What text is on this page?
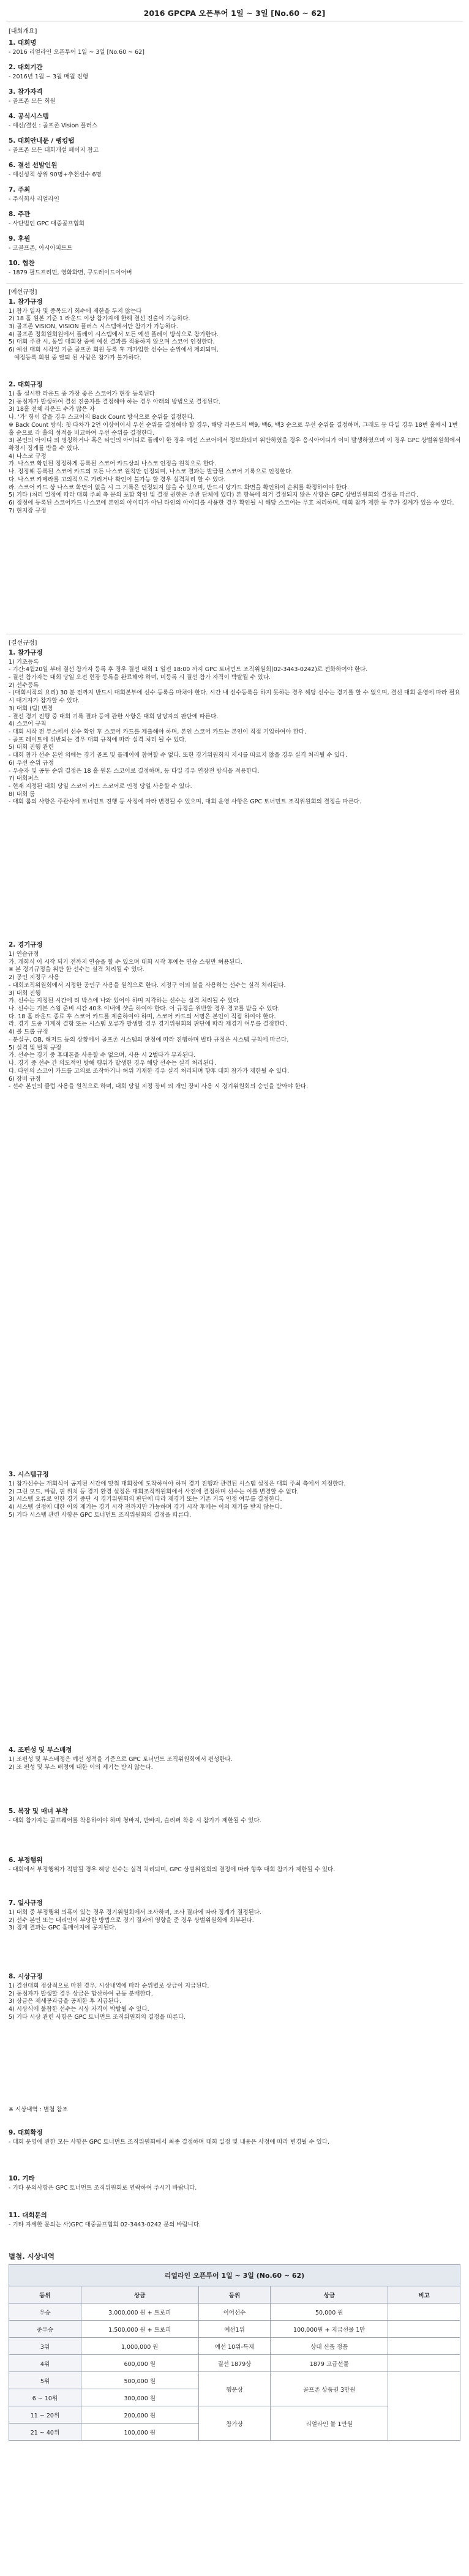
2016 GPCPA 오픈투어 1일 ~ 3일 [No.60 ~ 62]
[대회개요]
1. 대회명
- 2016 리얼라인 오픈투어 1일 ~ 3일 [No.60 ~ 62]
2. 대회기간
- 2016년 1월 ~ 3월 매월 진행
3. 참가자격
- 골프존 모든 회원
4. 공식시스템
- 예선/결선 : 골프존 Vision 플러스
5. 대회안내문 / 랭킹탭
- 골프존 모든 대회개설 페이지 참고
6. 결선 선발인원
- 예선성적 상위 90명+추천선수 6명
7. 주최
- 주식회사 리얼라인
8. 주관
- 사단법인 GPC 대중골프협회
9. 후원
- 코골프존, 아시아피트트
10. 협찬
- 1879 필드프리먼, 영화화면, 쿠도레이드이어버
[예선규정]
1. 참가규정
1) 참가 일자 및 종목도기 회수에 제한을 두지 않는다
2) 18 홀 원본 기준 1 라운드 이상 참가자에 한해 결선 진출이 가능하다.
3) 골프존 VISION, VISION 플러스 시스템에서만 참가가 가능하다.
4) 골프존 정회원회원에서 플레이 시스템에서 모든 예선 플레이 방식으로 참가한다.
5) 대회 주관 시, 동일 대회장 중에 예선 결과를 적용하지 않으며 스코어 인정한다.
6) 예선 대회 시작일 기준 골프존 회원 등록 후 개가입한 선수는 순위에서 제외되며,
예정등록 회원 중 탈퇴 된 사람은 참가가 불가하다.
2. 대회규정
1) 홀 설시한 라운드 중 가장 좋은 스코어가 현장 등록된다
2) 동점자가 발생하여 결선 진출자를 결정해야 하는 경우 아래의 방법으로 결정된다.
3) 18홀 전체 라운드 수가 많은 자
나. '가' 항이 같을 경우 스코어의 Back Count 방식으로 순위를 결정한다.
※ Back Count 방식: 첫 타차가 2언 이상이어서 우선 순위를 결정해야 할 경우, 해당 라운드의 백9, 백6, 백3 순으로 우선 순위를 결정하며, 그래도 동 타일 경우 18번 홀에서 1번홀 순으로 각 홀의 성적을 비교하여 우선 순위를 결정한다.
3) 본인의 아이디 외 명칭하거나 혹은 타인의 아이디로 플레이 한 경우 예선 스코어에서 정보화되며 위반하였을 경우 응시아이디가 이미 발생하였으며 이 경우 GPC 상벌위원회에서 확정시 징계를 받을 수 있다.
4) 나스코 규정
가. 나스코 확인된 정정하게 등록된 스코어 카드상의 나스코 인정을 원칙으로 한다.
나. 정정해 등록된 스코어 카드의 모든 나스코 원칙만 인정되며, 나스코 결과는 발급된 스코어 기록으로 인정한다.
다. 나스코 카메라를 고의적으로 가리거나 확인이 불가능 할 경우 실격처리 할 수 있다.
라. 스코어 카드 상 나스코 화면이 없을 시 그 기록은 인정되지 않을 수 있으며, 반드시 당가드 화면을 확인하여 순위를 확정하여야 한다.
5) 기타 (처리 일정에 따라 대회 주최 측 문의 포함 확인 및 결정 권한은 주관 단체에 있다) 본 항목에 의거 결정되지 않은 사항은 GPC 상벌위원회의 결정을 따른다.
6) 정정에 등록된 스코어카드 나스코에 본인의 아이디가 아닌 타인의 아이디를 사용한 경우 확인될 시 해당 스코어는 무효 처리하며, 대회 참가 제한 등 추가 징계가 있을 수 있다.
7) 현지장 규정
[결선규정]
1. 참가규정
1) 기초등록
- 기간:4월20일 부터 결선 참가자 등록 후 경우 결선 대회 1 일전 18:00 까지 GPC 토너먼트 조직위원회(02-3443-0242)로 전화하여야 한다.
- 결선 참가자는 대회 당일 오전 현장 등록을 완료해야 하며, 미등록 시 결선 참가 자격이 박탈될 수 있다.
2) 선수등록
- (대회시작의 요리) 30 분 전까지 반드시 대회본부에 선수 등록을 마쳐야 한다. 시간 내 선수등록을 하지 못하는 경우 해당 선수는 경기를 할 수 없으며, 결선 대회 운영에 따라 필요시 대기자가 참가할 수 있다.
3) 대회 (팀) 변경
- 결선 경기 진행 중 대회 기록 결과 등에 관한 사항은 대회 담당자의 판단에 따른다.
4) 스코어 규칙
- 대회 시작 전 부스에서 선수 확인 후 스코어 카드를 제출해야 하며, 본인 스코어 카드는 본인이 직접 기입하여야 한다.
- 골프 레이트에 위반되는 경우 대회 규칙에 따라 실격 처리 될 수 있다.
5) 대회 진행 관련
- 대회 참가 선수 본인 외에는 경기 골프 및 플레이에 참여할 수 없다. 또한 경기위원회의 지시를 따르지 않을 경우 실격 처리될 수 있다.
6) 우선 순위 규정
- 우승자 및 공동 순위 결정은 18 홀 원본 스코어로 결정하며, 동 타일 경우 연장전 방식을 적용한다.
7) 대회퍼스
- 현재 지정된 대회 당일 스코어 카드 스코어로 인정 당일 사용할 수 있다.
8) 대회 룸
- 대회 룸의 사항은 주관사에 토너먼트 진행 등 사정에 따라 변경될 수 있으며, 대회 운영 사항은 GPC 토너먼트 조직위원회의 결정을 따른다.
2. 경기규정
1) 연습규정
가. 개회식 이 시작 되기 전까지 연습을 할 수 있으며 대회 시작 후에는 연습 스윙만 허용된다.
※ 본 경기규정을 위반 한 선수는 실격 처리될 수 있다.
2) 공인 지정구 사용
- 대회조직위원회에서 지정한 공인구 사용을 원칙으로 한다. 지정구 이외 볼을 사용하는 선수는 실격 처리된다.
3) 대회 진행
가. 선수는 지정된 시간에 티 박스에 나와 있어야 하며 지각하는 선수는 실격 처리될 수 있다.
나. 선수는 기본 스윙 준비 시간 40초 이내에 샷을 하여야 한다. 이 규정을 위반할 경우 경고를 받을 수 있다.
다. 18 홀 라운드 종료 후 스코어 카드를 제출하여야 하며, 스코어 카드의 서명은 본인이 직접 하여야 한다.
라. 경기 도중 기계적 결함 또는 시스템 오류가 발생할 경우 경기위원회의 판단에 따라 재경기 여부를 결정한다.
4) 볼 드롭 규정
- 분실구, OB, 해저드 등의 상황에서 골프존 시스템의 판정에 따라 진행하며 벌타 규정은 시스템 규칙에 따른다.
5) 실격 및 벌칙 규정
가. 선수는 경기 중 휴대폰을 사용할 수 없으며, 사용 시 2벌타가 부과된다.
나. 경기 중 선수 간 의도적인 방해 행위가 발생한 경우 해당 선수는 실격 처리된다.
다. 타인의 스코어 카드를 고의로 조작하거나 허위 기재한 경우 실격 처리되며 향후 대회 참가가 제한될 수 있다.
6) 장비 규정
- 선수 본인의 클럽 사용을 원칙으로 하며, 대회 당일 지정 장비 외 개인 장비 사용 시 경기위원회의 승인을 받아야 한다.
3. 시스템규정
1) 참가선수는 개회식이 공지된 시간에 맞춰 대회장에 도착하여야 하며 경기 진행과 관련된 시스템 설정은 대회 주최 측에서 지정한다.
2) 그린 모드, 바람, 핀 위치 등 경기 환경 설정은 대회조직위원회에서 사전에 결정하며 선수는 이를 변경할 수 없다.
3) 시스템 오류로 인한 경기 중단 시 경기위원회의 판단에 따라 재경기 또는 기존 기록 인정 여부를 결정한다.
4) 시스템 설정에 대한 이의 제기는 경기 시작 전까지만 가능하며 경기 시작 후에는 이의 제기를 받지 않는다.
5) 기타 시스템 관련 사항은 GPC 토너먼트 조직위원회의 결정을 따른다.
4. 조편성 및 부스배정
1) 조편성 및 부스배정은 예선 성적을 기준으로 GPC 토너먼트 조직위원회에서 편성한다.
2) 조 편성 및 부스 배정에 대한 이의 제기는 받지 않는다.
5. 복장 및 매너 부착
- 대회 참가자는 골프웨어를 착용하여야 하며 청바지, 반바지, 슬리퍼 착용 시 참가가 제한될 수 있다.
6. 부정행위
- 대회에서 부정행위가 적발될 경우 해당 선수는 실격 처리되며, GPC 상벌위원회의 결정에 따라 향후 대회 참가가 제한될 수 있다.
7. 일사규정
1) 대회 중 부정행위 의혹이 있는 경우 경기위원회에서 조사하며, 조사 결과에 따라 징계가 결정된다.
2) 선수 본인 또는 대리인이 부당한 방법으로 경기 결과에 영향을 준 경우 상벌위원회에 회부된다.
3) 징계 결과는 GPC 홈페이지에 공지된다.
8. 시상규정
1) 결선대회 정상적으로 마친 경우, 시상내역에 따라 순위별로 상금이 지급된다.
2) 동점자가 발생할 경우 상금은 합산하여 균등 분배한다.
3) 상금은 제세공과금을 공제한 후 지급된다.
4) 시상식에 불참한 선수는 시상 자격이 박탈될 수 있다.
5) 기타 시상 관련 사항은 GPC 토너먼트 조직위원회의 결정을 따른다.
※ 시상내역 : 별첨 참조
9. 대회확정
- 대회 운영에 관한 모든 사항은 GPC 토너먼트 조직위원회에서 최종 결정하며 대회 일정 및 내용은 사정에 따라 변경될 수 있다.
10. 기타
- 기타 문의사항은 GPC 토너먼트 조직위원회로 연락하여 주시기 바랍니다.
11. 대회문의
- 기타 자세한 문의는 사)GPC 대중골프협회 02-3443-0242 문의 바랍니다.
별첨. 시상내역
리얼라인 오픈투어 1일 ~ 3일 (No.60 ~ 62)				
등위	상금	등위	상금	비고
우승	3,000,000 원 + 트로피	이어선수	50,000 원	
준우승	1,500,000 원 + 트로피	예선1위	100,000원 + 지급선물 1만	
3위	1,000,000 원	예선 10위-특제	상대 신품 정품	
4위	600,000 원	결선 1879상	1879 고급선물	
5위	500,000 원	행운상	골프존 상품권 3만원	
6 ~ 10위	300,000 원			
11 ~ 20위	200,000 원	참가상	리얼라인 볼 1만원	
21 ~ 40위	100,000 원			
